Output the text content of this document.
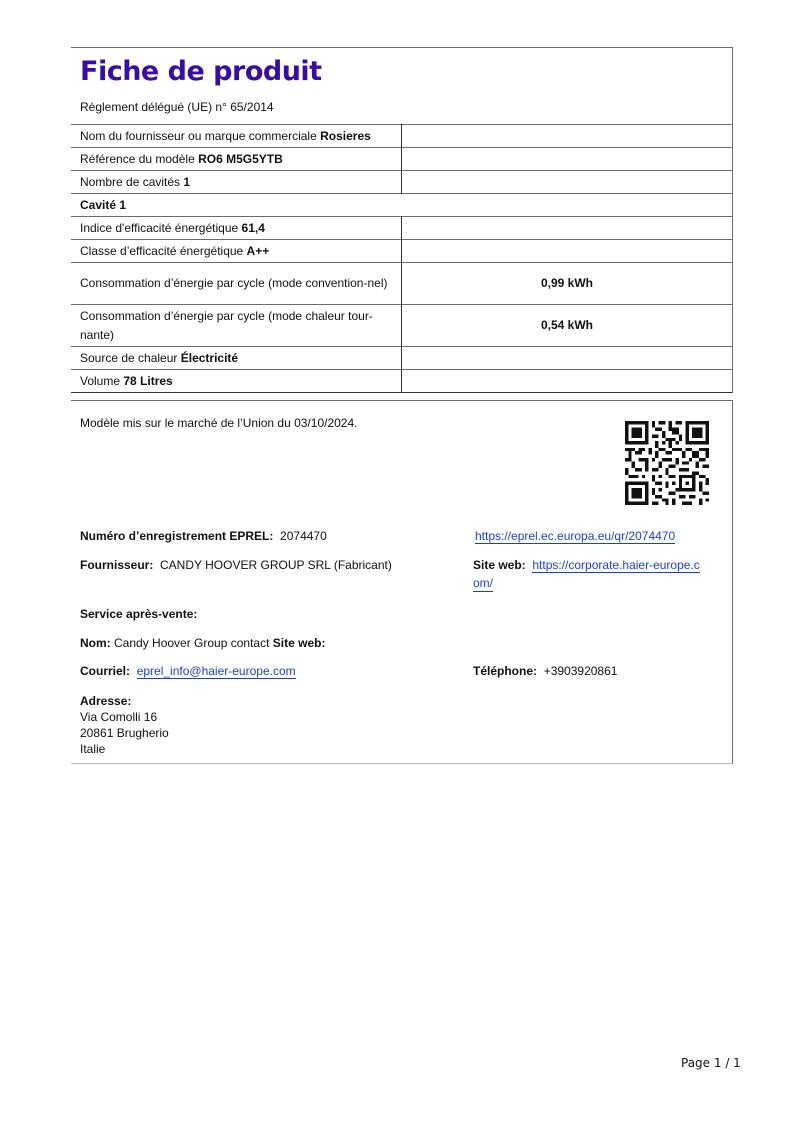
Fiche de produit
Règlement délégué (UE) n° 65/2014
Nom du fournisseur ou marque commerciale Rosieres	
Référence du modèle RO6 M5G5YTB	
Nombre de cavités 1	
Cavité 1	
Indice d'efficacité énergétique 61,4	
Classe d’efficacité énergétique A++	
Consommation d’énergie par cycle (mode convention-nel)	0,99 kWh
Consommation d’énergie par cycle (mode chaleur tour-nante)	0,54 kWh
Source de chaleur Électricité	
Volume 78 Litres	
Modèle mis sur le marché de l’Union du 03/10/2024.
Numéro d’enregistrement EPREL: 2074470	https://eprel.ec.europa.eu/qr/2074470
Fournisseur: CANDY HOOVER GROUP SRL (Fabricant)	Site web: https://corporate.haier-europe.c
om/
Service après-vente:
Nom: Candy Hoover Group contact Site web:
Courriel: eprel_info@haier-europe.com	Téléphone: +3903920861
Adresse:
Via Comolli 16
20861 Brugherio
Italie
Page 1 / 1
